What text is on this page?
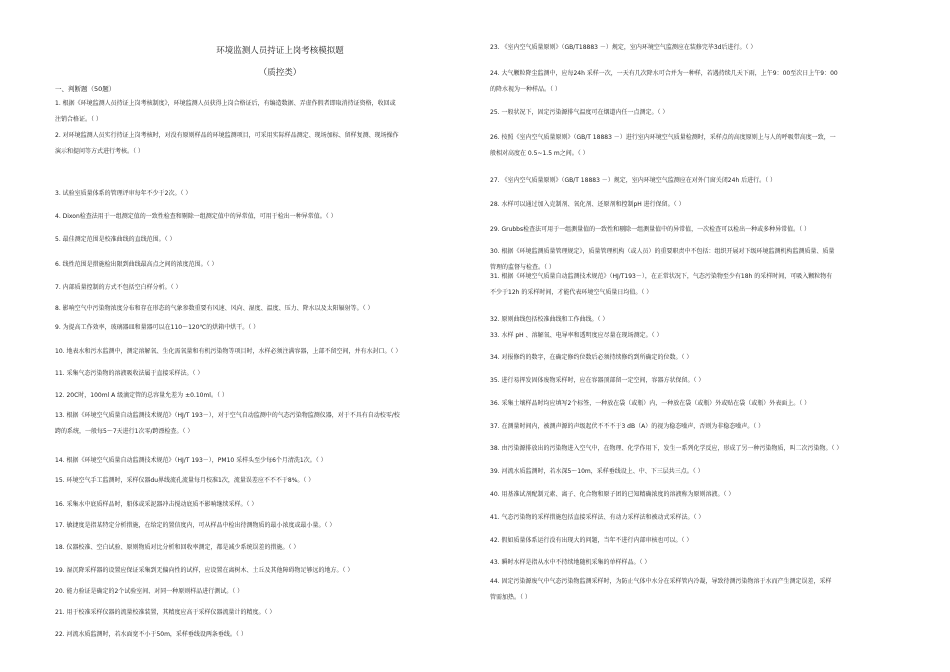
环境监测人员持证上岗考核模拟题
（质控类）
一、判断题（50题）
1. 根据《环境监测人员持证上岗考核制度》，环境监测人员获得上岗合格证后，有编造数据、弄虚作假者即取消持证资格，收回或
注销合格证。（ ）
2. 对环境监测人员实行持证上岗考核时，对没有原则样品的环境监测项目，可采用实际样品测定、现场加标、留样复测、现场操作
演示和提问等方式进行考核。（ ）
3. 试验室质量体系的管理评审每年不少于2次。（ ）
4. Dixon检查法用于一组测定值的一致性检查和剔除一组测定值中的异常值，可用于检出一种异常值。（ ）
5. 最佳测定范围是校准曲线的直线范围。（ ）
6. 线性范围是措施检出限到曲线最高点之间的浓度范围。（ ）
7. 内部质量控制的方式不包括空白样分析。（ ）
8. 影响空气中污染物浓度分布和存在形态的气象参数重要有风速、风向、湿度、温度、压力、降水以及太阳辐射等。（ ）
9. 为提高工作效率，玻璃器皿和量器可以在110～120℃的烘箱中烘干。（ ）
10. 地表水和污水监测中，测定溶解氧、生化需氧量和有机污染物等项目时，水样必须注满容器，上部不留空间，并有水封口。（ ）
11. 采集气态污染物的溶液吸收法属于直接采样法。（ ）
12. 20C时，100ml A 级滴定管的总容量允差为 ±0.10ml。（ ）
13. 根据《环境空气质量自动监测技术规范》（HJ/T 193－），对于空气自动监测中的气态污染物监测仪器，对于不具有自动校零/校
跨的系统，一般每5～7天进行1次零/跨漂检查。（ ）
14. 根据《环境空气质量自动监测技术规范》（HJ/T 193－），PM10 采样头至少每6个月清洗1次。（ ）
15. 环境空气手工监测时，采样仪器du界线流孔流量每月校准1次，流量误差应不不不于8%。（ ）
16. 采集水中底质样品时，船体或采泥器冲击搅动底质不影响继续采样。（ ）
17. 敏捷度是指某特定分析措施，在给定的置信度内，可从样品中检出待测物质的最小浓度或最小量。（ ）
18. 仪器校准、空白试验、原则物质对比分析和回收率测定，都是减少系统误差的措施。（ ）
19. 湿沉降采样器的设置应保证采集到无偏向性的试样，应设置在离树木、土丘及其他障碍物足够远的地方。（ ）
20. 能力验证是确定的2个试验室间、对同一种原则样品进行测试。（ ）
21. 用于校准采样仪器的流量校准装置，其精度应高于采样仪器流量计的精度。（ ）
22. 河流水质监测时，若水面宽不小于50m，采样垂线设两条垂线。（ ）
23. 《室内空气质量原则》（GB/T18883 －）规定，室内环境空气监测应在装修完毕3d后进行。（ ）
24. 大气颗粒降尘监测中，应每24h 采样一次，一天有几次降水可合并为一种样，若遇持续几天下雨，上午9：00至次日上午9：00
的降水视为一种样品。（ ）
25. 一般状况下，固定污染源排气温度可在烟道内任一点测定。（ ）
26. 按照《室内空气质量原则》（GB/T 18883 －）进行室内环境空气质量检测时，采样点的高度原则上与人的呼吸带高度一致，一
般相对高度在 0.5~1.5 m之间。（ ）
27. 《室内空气质量原则》（GB/T 18883 －）规定，室内环境空气监测应在对外门窗关闭24h 后进行。（ ）
28. 水样可以通过加入克制剂、氧化剂、还原剂和控制pH 进行保留。（ ）
29. Grubbs检查法可用于一组测量值的一致性和剔除一组测量值中的异常值，一次检查可以检出一种或多种异常值。（ ）
30. 根据《环境监测质量管理规定》，质量管理机构（或人员）的重要职责中不包括：组织开展对下级环境监测机构监测质量、质量
管理的监督与检查。（ ）
31. 根据《环境空气质量自动监测技术规范》（HJ/T193－），在正常状况下，气态污染物至少有18h 的采样时间，可吸入颗粒物有
不少于12h 的采样时间，才能代表环境空气质量日均值。（ ）
32. 原则曲线包括校准曲线和工作曲线。（ ）
33. 水样 pH 、溶解氧、电导率和透明度应尽量在现场测定。（ ）
34. 对报修约的数字，在确定修约位数后必须持续修约到所确定的位数。（ ）
35. 进行易挥发固体废物采样时，应在容器顶部留一定空间，容器方状保留。（ ）
36. 采集土壤样品时均应填写2个标签，一种放在袋（或瓶）内，一种放在袋（或瓶）外或贴在袋（或瓶）外表面上。（ ）
37. 在测量时间内，被测声源的声级起伏不不不于3 dB（A）的视为稳态噪声，否则为非稳态噪声。（ ）
38. 由污染源排放出的污染物进入空气中，在物理、化学作用下，发生一系列化学反应，形成了另一种污染物质，叫二次污染物。（ ）
39. 河流水质监测时，若水深5～10m，采样垂线设上、中、下三层共三点。（ ）
40. 用基准试剂配制元素、离子、化合物和原子团的已知精确浓度的溶液称为原则溶液。（ ）
41. 气态污染物的采样措施包括直接采样法、有动力采样法和被动式采样法。（ ）
42. 假如质量体系运行没有出现大的问题，当年不进行内部审核也可以。（ ）
43. 瞬时水样是指从水中不持续地随机采集的单样样品。（ ）
44. 固定污染源废气中气态污染物监测采样时，为防止气体中水分在采样管内冷凝，导致待测污染物溶于水而产生测定误差，采样
管需加热。（ ）
